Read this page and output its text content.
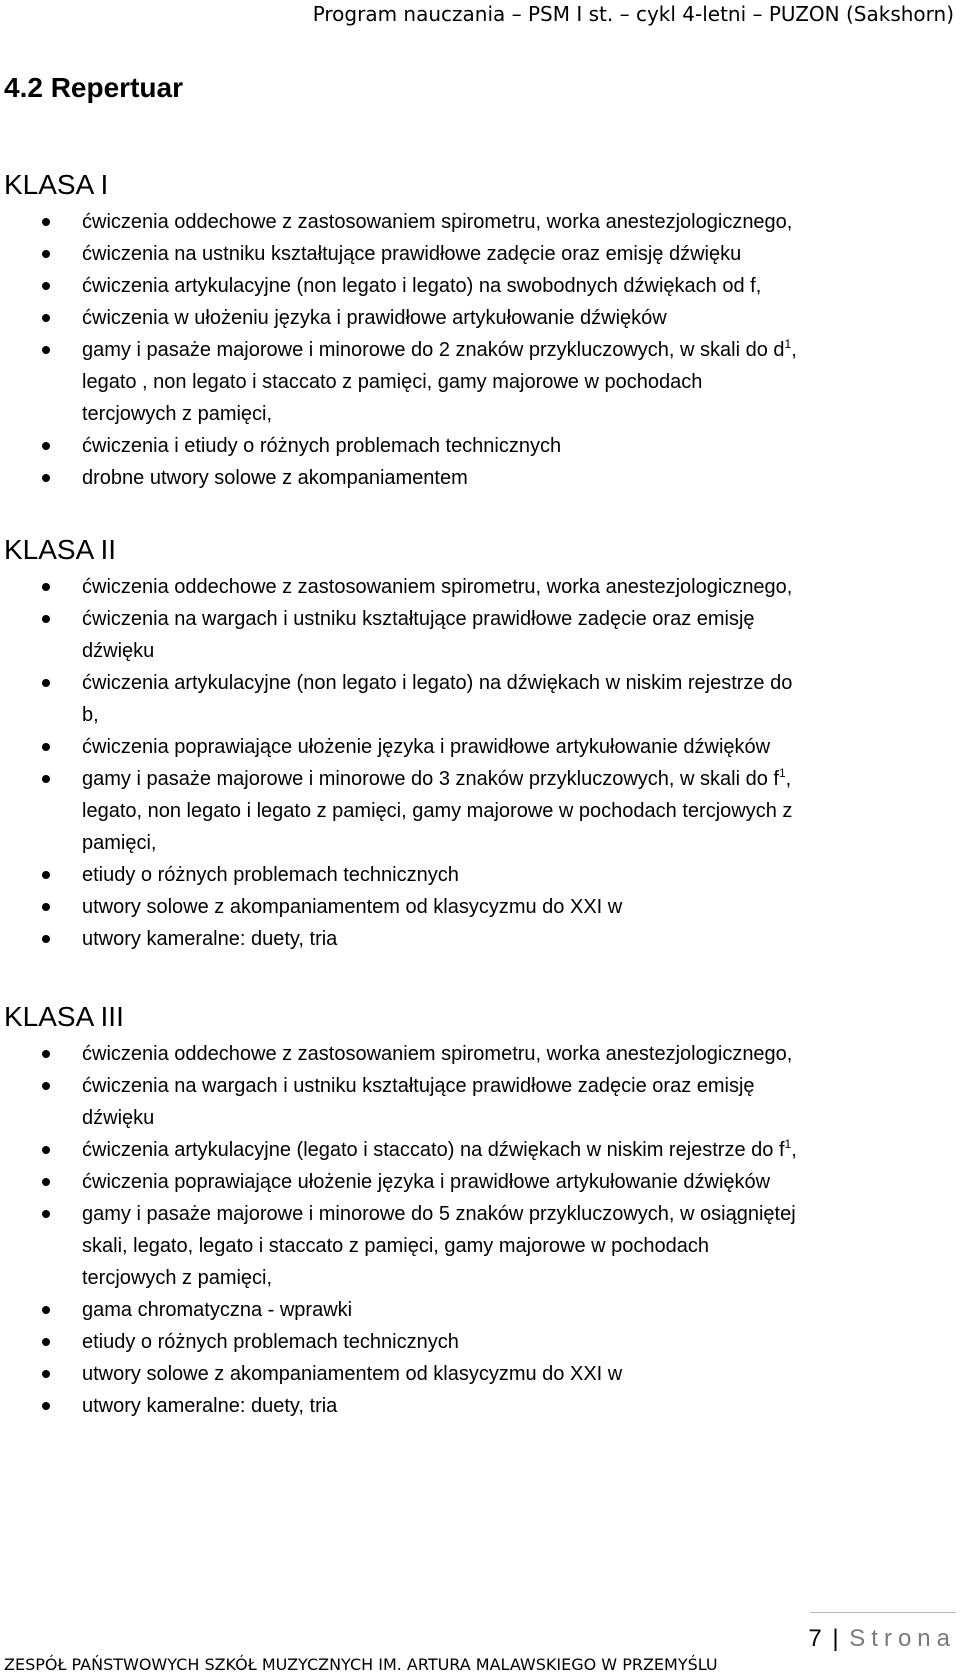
Program nauczania – PSM I st. – cykl 4-letni – PUZON (Sakshorn)
4.2 Repertuar
KLASA I
ćwiczenia oddechowe z zastosowaniem spirometru, worka anestezjologicznego,
ćwiczenia na ustniku kształtujące prawidłowe zadęcie oraz emisję dźwięku
ćwiczenia artykulacyjne (non legato i legato) na swobodnych dźwiękach od f,
ćwiczenia w ułożeniu języka i prawidłowe artykułowanie dźwięków
gamy i pasaże majorowe i minorowe do 2 znaków przykluczowych, w skali do $d^1$,
legato , non legato i staccato z pamięci, gamy majorowe w pochodach
tercjowych z pamięci,
ćwiczenia i etiudy o różnych problemach technicznych
drobne utwory solowe z akompaniamentem
KLASA II
ćwiczenia oddechowe z zastosowaniem spirometru, worka anestezjologicznego,
ćwiczenia na wargach i ustniku kształtujące prawidłowe zadęcie oraz emisję
dźwięku
ćwiczenia artykulacyjne (non legato i legato) na dźwiękach w niskim rejestrze do
b,
ćwiczenia poprawiające ułożenie języka i prawidłowe artykułowanie dźwięków
gamy i pasaże majorowe i minorowe do 3 znaków przykluczowych, w skali do $f^1$,
legato, non legato i legato z pamięci, gamy majorowe w pochodach tercjowych z
pamięci,
etiudy o różnych problemach technicznych
utwory solowe z akompaniamentem od klasycyzmu do XXI w
utwory kameralne: duety, tria
KLASA III
ćwiczenia oddechowe z zastosowaniem spirometru, worka anestezjologicznego,
ćwiczenia na wargach i ustniku kształtujące prawidłowe zadęcie oraz emisję
dźwięku
ćwiczenia artykulacyjne (legato i staccato) na dźwiękach w niskim rejestrze do $f^1$,
ćwiczenia poprawiające ułożenie języka i prawidłowe artykułowanie dźwięków
gamy i pasaże majorowe i minorowe do 5 znaków przykluczowych, w osiągniętej
skali, legato, legato i staccato z pamięci, gamy majorowe w pochodach
tercjowych z pamięci,
gama chromatyczna - wprawki
etiudy o różnych problemach technicznych
utwory solowe z akompaniamentem od klasycyzmu do XXI w
utwory kameralne: duety, tria
7 | Strona
ZESPÓŁ PAŃSTWOWYCH SZKÓŁ MUZYCZNYCH IM. ARTURA MALAWSKIEGO W PRZEMYŚLU
